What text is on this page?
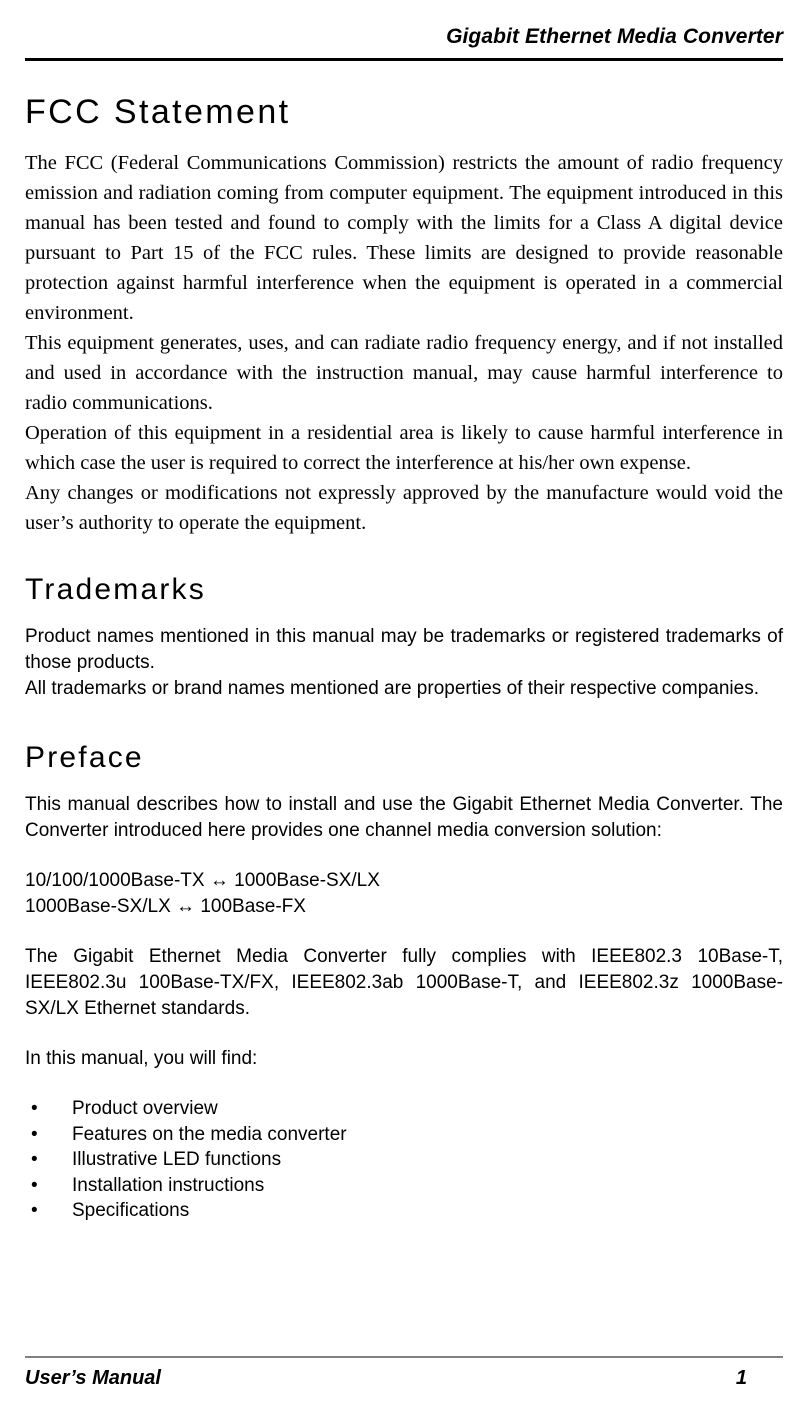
Gigabit Ethernet Media Converter
FCC Statement

The FCC (Federal Communications Commission) restricts the amount of radio frequency emission and radiation coming from computer equipment. The equipment introduced in this manual has been tested and found to comply with the limits for a Class A digital device pursuant to Part 15 of the FCC rules. These limits are designed to provide reasonable protection against harmful interference when the equipment is operated in a commercial environment.

This equipment generates, uses, and can radiate radio frequency energy, and if not installed and used in accordance with the instruction manual, may cause harmful interference to radio communications.

Operation of this equipment in a residential area is likely to cause harmful interference in which case the user is required to correct the interference at his/her own expense.

Any changes or modifications not expressly approved by the manufacture would void the user’s authority to operate the equipment.

Trademarks

Product names mentioned in this manual may be trademarks or registered trademarks of those products.

All trademarks or brand names mentioned are properties of their respective companies.

Preface

This manual describes how to install and use the Gigabit Ethernet Media Converter. The Converter introduced here provides one channel media conversion solution:

10/100/1000Base-TX ↔ 1000Base-SX/LX
1000Base-SX/LX ↔ 100Base-FX

The Gigabit Ethernet Media Converter fully complies with IEEE802.3 10Base-T, IEEE802.3u 100Base-TX/FX, IEEE802.3ab 1000Base-T, and IEEE802.3z 1000Base-SX/LX Ethernet standards.

In this manual, you will find:

• Product overview
• Features on the media converter
• Illustrative LED functions
• Installation instructions
• Specifications
User’s Manual	1
